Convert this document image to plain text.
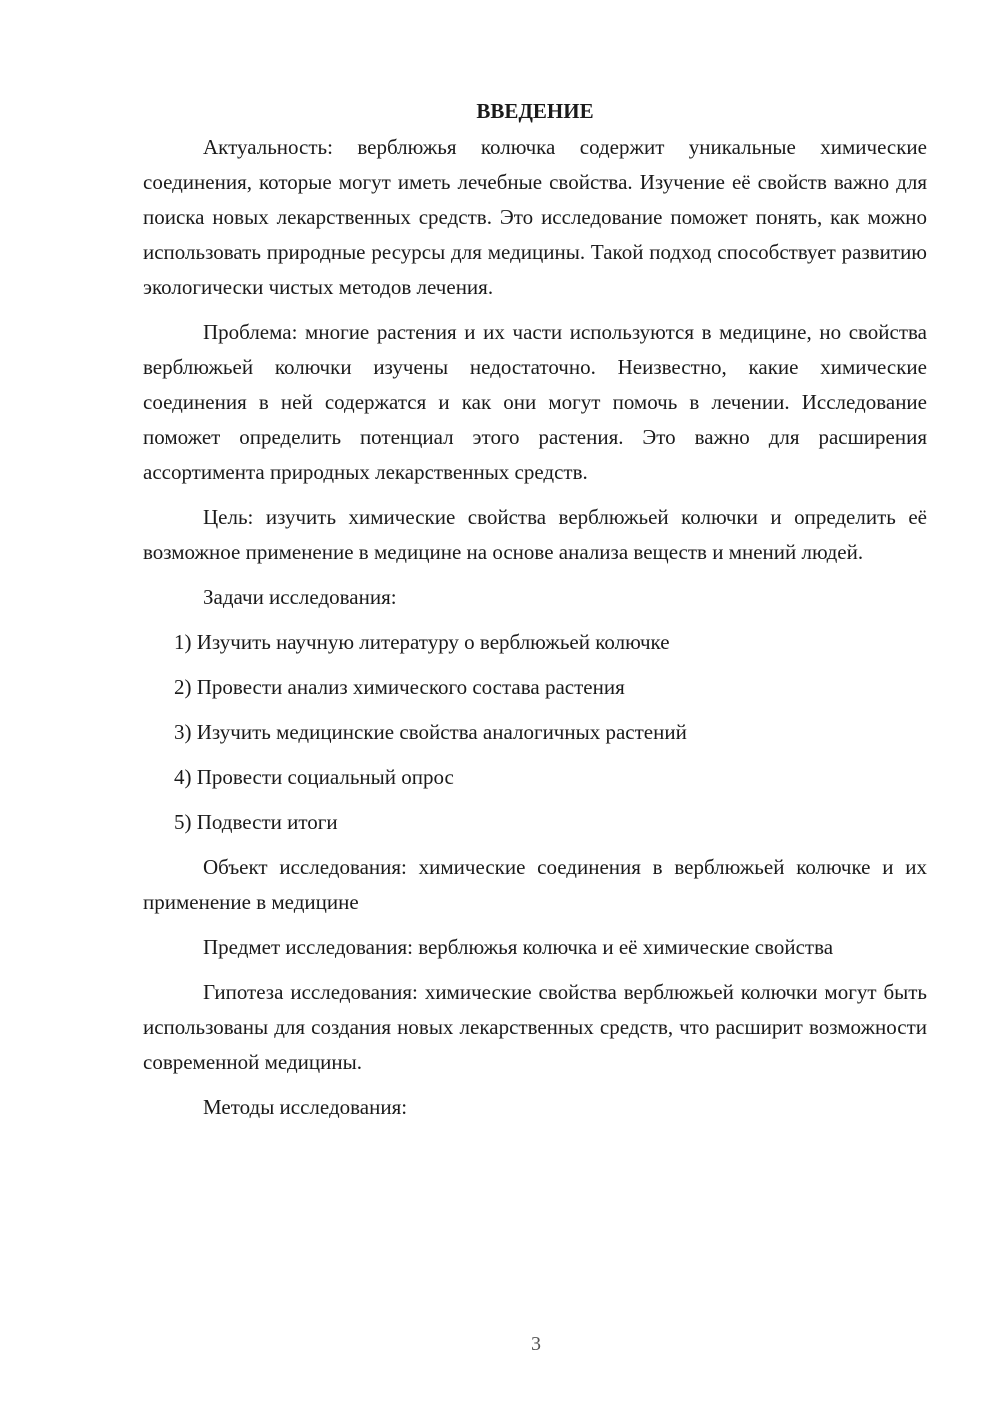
ВВЕДЕНИЕ

Актуальность: верблюжья колючка содержит уникальные химические соединения, которые могут иметь лечебные свойства. Изучение её свойств важно для поиска новых лекарственных средств. Это исследование поможет понять, как можно использовать природные ресурсы для медицины. Такой подход способствует развитию экологически чистых методов лечения.

Проблема: многие растения и их части используются в медицине, но свойства верблюжьей колючки изучены недостаточно. Неизвестно, какие химические соединения в ней содержатся и как они могут помочь в лечении. Исследование поможет определить потенциал этого растения. Это важно для расширения ассортимента природных лекарственных средств.

Цель: изучить химические свойства верблюжьей колючки и определить её возможное применение в медицине на основе анализа веществ и мнений людей.

Задачи исследования:

1) Изучить научную литературу о верблюжьей колючке
2) Провести анализ химического состава растения
3) Изучить медицинские свойства аналогичных растений
4) Провести социальный опрос
5) Подвести итоги

Объект исследования: химические соединения в верблюжьей колючке и их применение в медицине

Предмет исследования: верблюжья колючка и её химические свойства

Гипотеза исследования: химические свойства верблюжьей колючки могут быть использованы для создания новых лекарственных средств, что расширит возможности современной медицины.

Методы исследования:

3
